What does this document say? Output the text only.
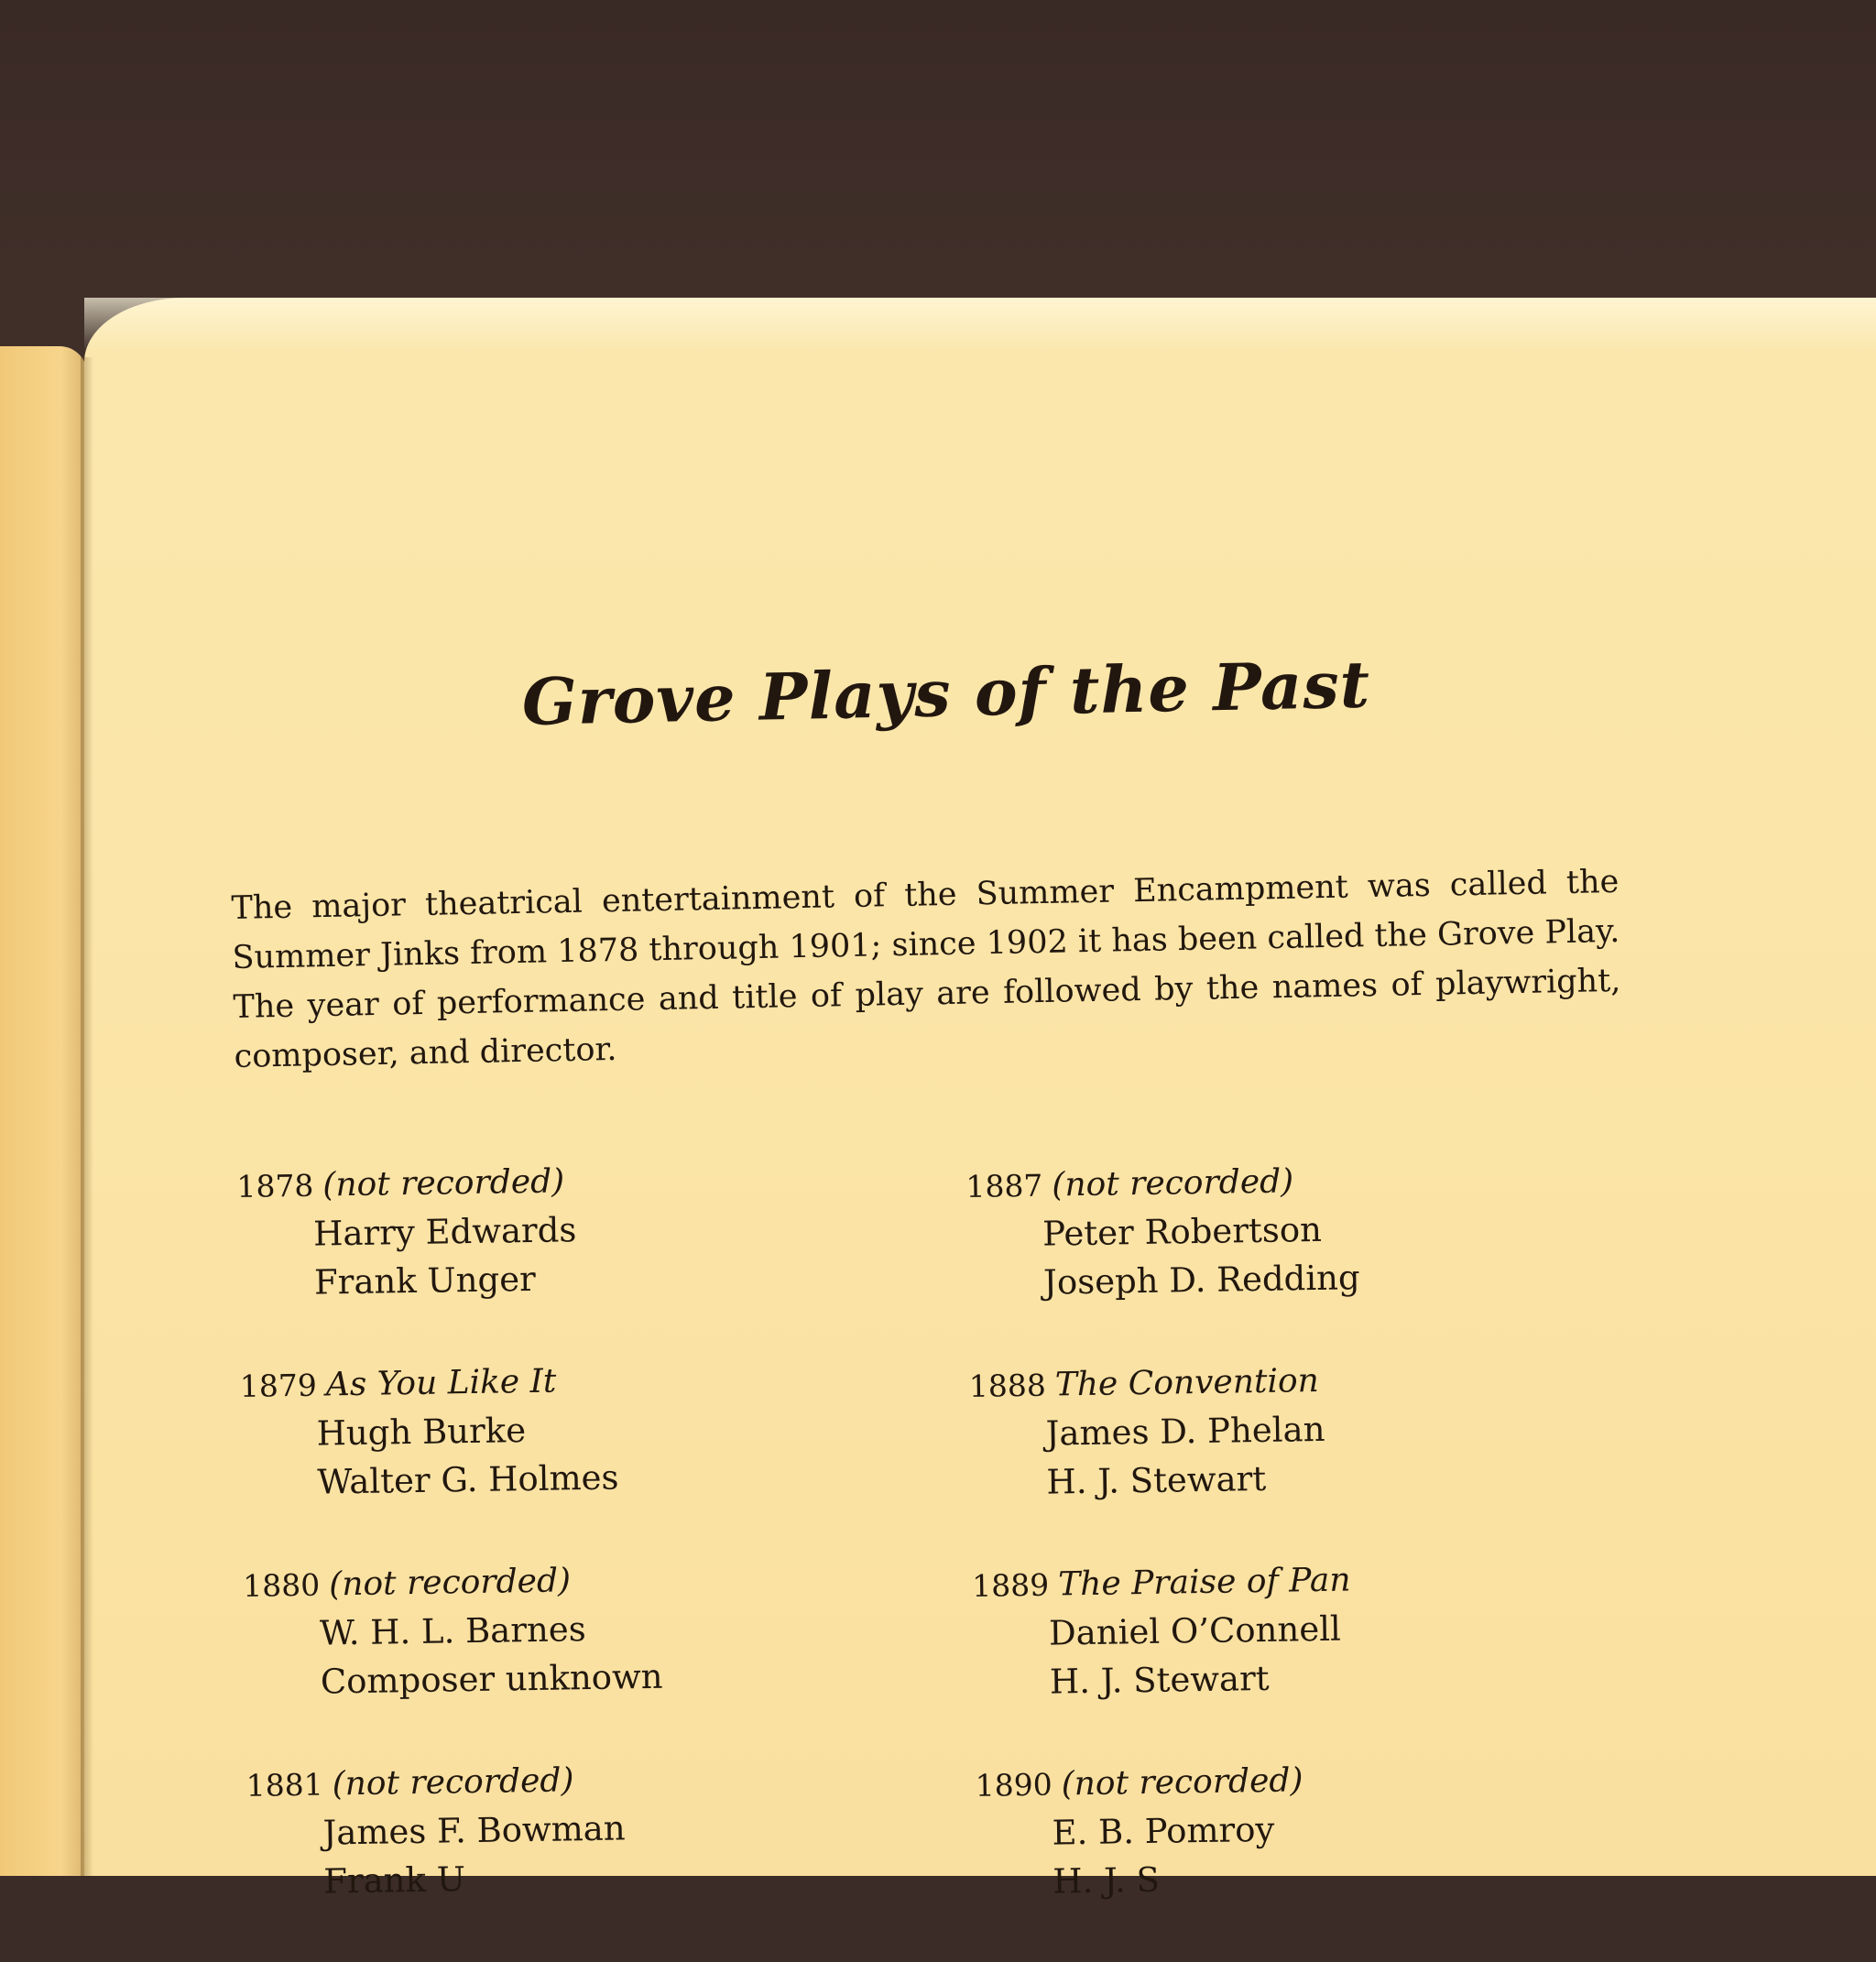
Grove Plays of the Past
The major theatrical entertainment of the Summer Encampment was called the Summer Jinks from 1878 through 1901; since 1902 it has been called the Grove Play. The year of performance and title of play are followed by the names of playwright, composer, and director.
1878 (not recorded)
Harry Edwards
Frank Unger
1879 As You Like It
Hugh Burke
Walter G. Holmes
1880 (not recorded)
W. H. L. Barnes
Composer unknown
1881 (not recorded)
James F. Bowman
Frank U
1887 (not recorded)
Peter Robertson
Joseph D. Redding
1888 The Convention
James D. Phelan
H. J. Stewart
1889 The Praise of Pan
Daniel O’Connell
H. J. Stewart
1890 (not recorded)
E. B. Pomroy
H. J. S
